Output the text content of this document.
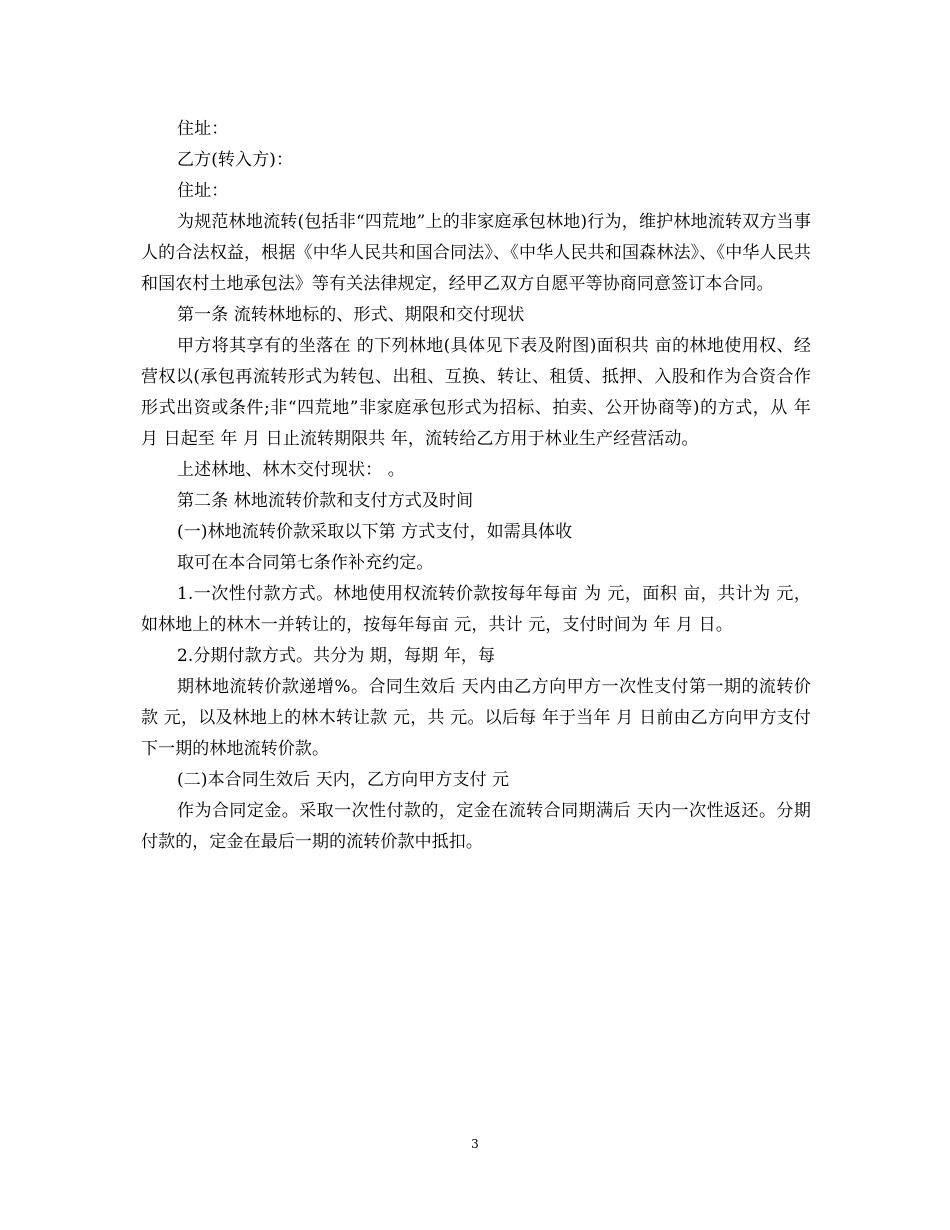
住址：

乙方(转入方)：

住址：

为规范林地流转(包括非“四荒地”上的非家庭承包林地)行为，维护林地流转双方当事人的合法权益，根据《中华人民共和国合同法》、《中华人民共和国森林法》、《中华人民共和国农村土地承包法》等有关法律规定，经甲乙双方自愿平等协商同意签订本合同。

第一条 流转林地标的、形式、期限和交付现状

甲方将其享有的坐落在 的下列林地(具体见下表及附图)面积共 亩的林地使用权、经营权以(承包再流转形式为转包、出租、互换、转让、租赁、抵押、入股和作为合资合作形式出资或条件;非“四荒地”非家庭承包形式为招标、拍卖、公开协商等)的方式，从 年 月 日起至 年 月 日止流转期限共 年，流转给乙方用于林业生产经营活动。

上述林地、林木交付现状： 。

第二条 林地流转价款和支付方式及时间

(一)林地流转价款采取以下第 方式支付，如需具体收

取可在本合同第七条作补充约定。

1.一次性付款方式。林地使用权流转价款按每年每亩 为 元，面积 亩，共计为 元，如林地上的林木一并转让的，按每年每亩 元，共计 元，支付时间为 年 月 日。

2.分期付款方式。共分为 期，每期 年，每

期林地流转价款递增%。合同生效后 天内由乙方向甲方一次性支付第一期的流转价款 元，以及林地上的林木转让款 元，共 元。以后每 年于当年 月 日前由乙方向甲方支付下一期的林地流转价款。

(二)本合同生效后 天内，乙方向甲方支付 元

作为合同定金。采取一次性付款的，定金在流转合同期满后 天内一次性返还。分期付款的，定金在最后一期的流转价款中抵扣。

3
